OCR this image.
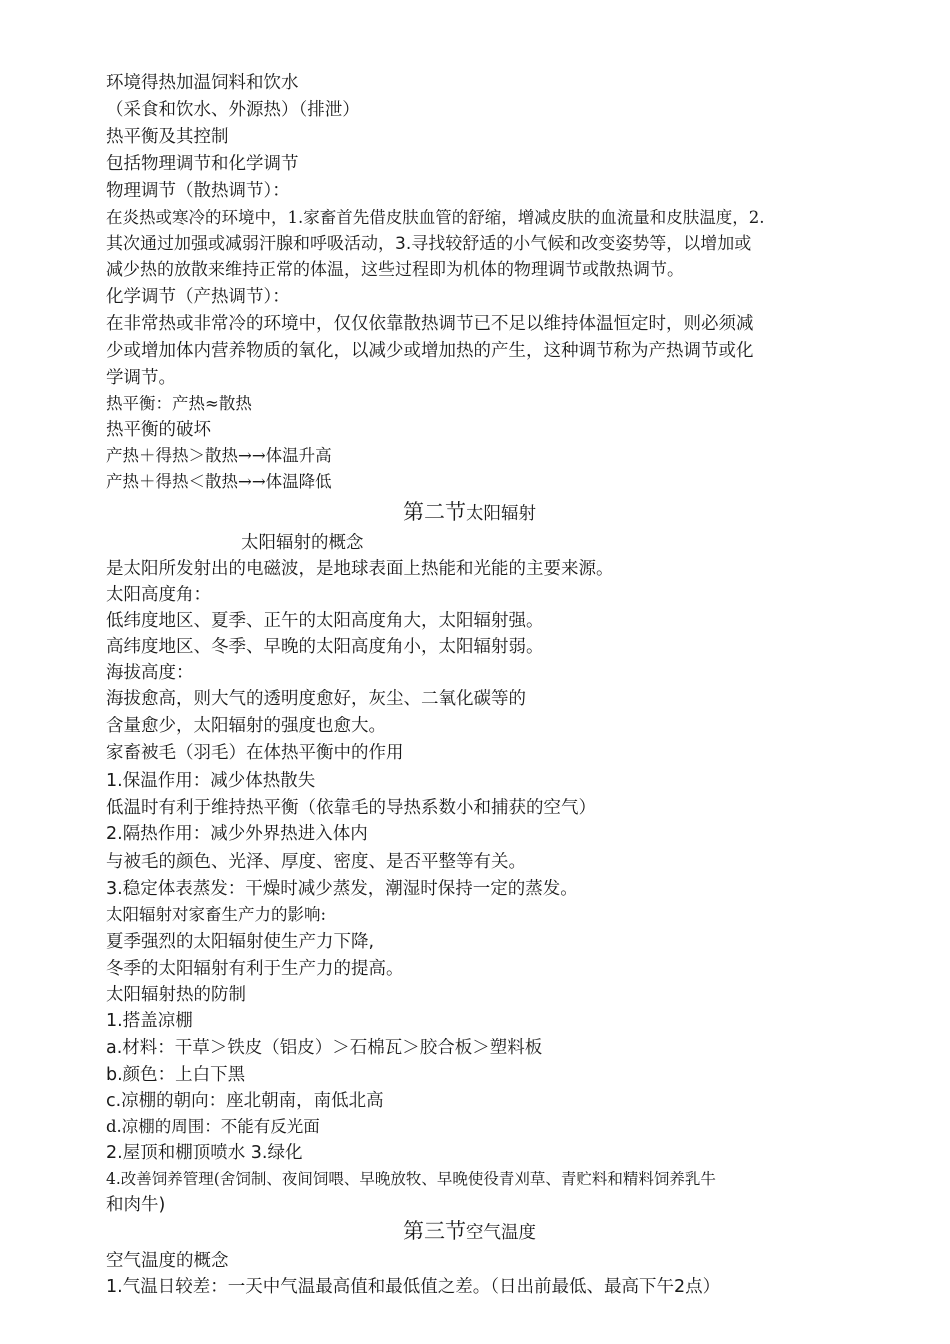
环境得热加温饲料和饮水
（采食和饮水、外源热）（排泄）
热平衡及其控制
包括物理调节和化学调节
物理调节（散热调节）：
在炎热或寒冷的环境中，1.家畜首先借皮肤血管的舒缩，增减皮肤的血流量和皮肤温度，2.
其次通过加强或减弱汗腺和呼吸活动，3.寻找较舒适的小气候和改变姿势等，以增加或
减少热的放散来维持正常的体温，这些过程即为机体的物理调节或散热调节。
化学调节（产热调节）：
在非常热或非常冷的环境中，仅仅依靠散热调节已不足以维持体温恒定时，则必须减
少或增加体内营养物质的氧化，以减少或增加热的产生，这种调节称为产热调节或化
学调节。
热平衡：产热≈散热
热平衡的破坏
产热＋得热＞散热→→体温升高
产热＋得热＜散热→→体温降低
第二节太阳辐射
太阳辐射的概念
是太阳所发射出的电磁波，是地球表面上热能和光能的主要来源。
太阳高度角：
低纬度地区、夏季、正午的太阳高度角大，太阳辐射强。
高纬度地区、冬季、早晚的太阳高度角小，太阳辐射弱。
海拔高度：
海拔愈高，则大气的透明度愈好，灰尘、二氧化碳等的
含量愈少，太阳辐射的强度也愈大。
家畜被毛（羽毛）在体热平衡中的作用
1.保温作用：减少体热散失
低温时有利于维持热平衡（依靠毛的导热系数小和捕获的空气）
2.隔热作用：减少外界热进入体内
与被毛的颜色、光泽、厚度、密度、是否平整等有关。
3.稳定体表蒸发：干燥时减少蒸发，潮湿时保持一定的蒸发。
太阳辐射对家畜生产力的影响:
夏季强烈的太阳辐射使生产力下降,
冬季的太阳辐射有利于生产力的提高。
太阳辐射热的防制
1.搭盖凉棚
a.材料：干草＞铁皮（铝皮）＞石棉瓦＞胶合板＞塑料板
b.颜色：上白下黑
c.凉棚的朝向：座北朝南，南低北高
d.凉棚的周围：不能有反光面
2.屋顶和棚顶喷水 3.绿化
4.改善饲养管理(舍饲制、夜间饲喂、早晚放牧、早晚使役青刈草、青贮料和精料饲养乳牛
和肉牛)
第三节空气温度
空气温度的概念
1.气温日较差：一天中气温最高值和最低值之差。（日出前最低、最高下午2点）
